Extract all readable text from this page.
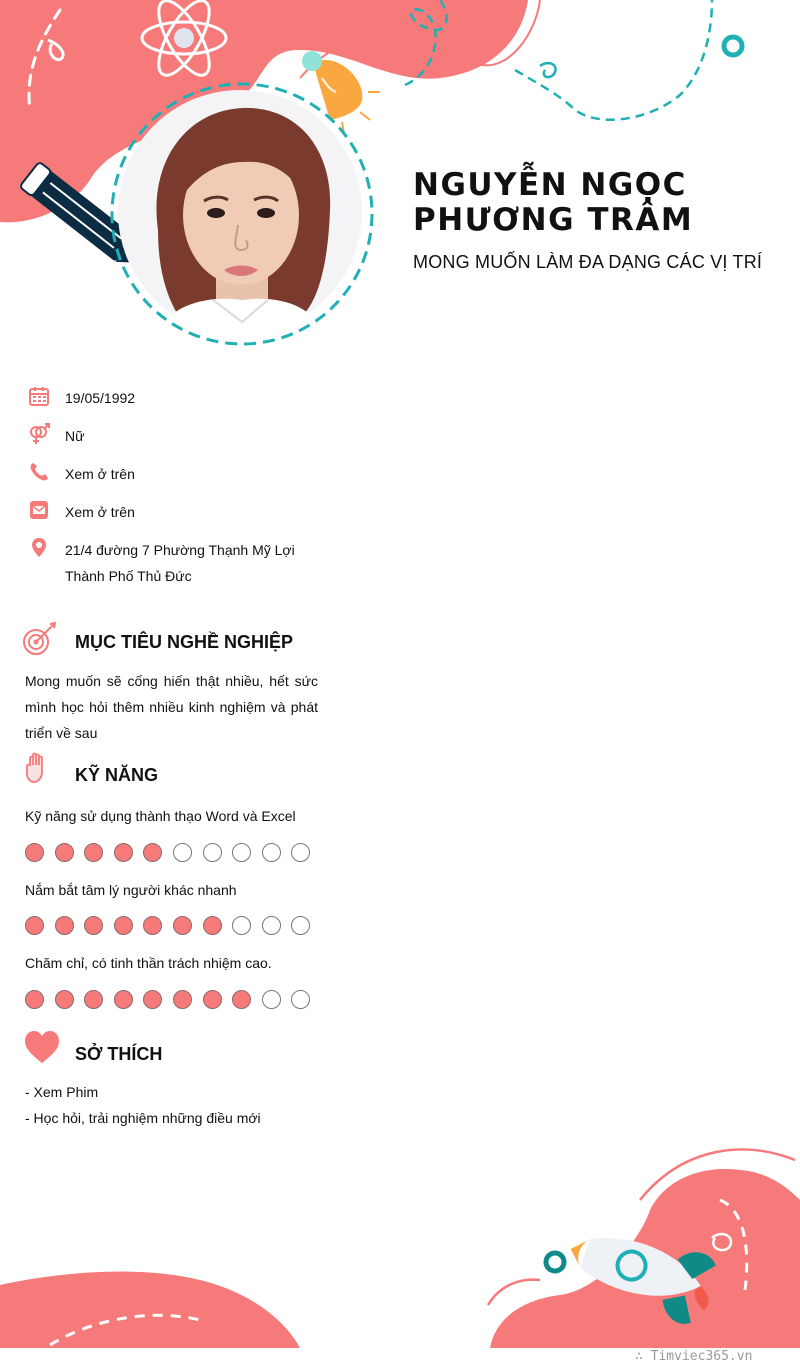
NGUYỄN NGỌC
PHƯƠNG TRÂM
MONG MUỐN LÀM ĐA DẠNG CÁC VỊ TRÍ
19/05/1992
Nữ
Xem ở trên
Xem ở trên
21/4 đường 7 Phường Thạnh Mỹ Lợi
Thành Phố Thủ Đức
MỤC TIÊU NGHỀ NGHIỆP
Mong muốn sẽ cống hiến thật nhiều, hết sức mình học hỏi thêm nhiều kinh nghiệm và phát triển về sau
KỸ NĂNG
Kỹ năng sử dụng thành thạo Word và Excel
Nắm bắt tâm lý người khác nhanh
Chăm chỉ, có tinh thần trách nhiệm cao.
SỞ THÍCH
- Xem Phim
- Học hỏi, trải nghiệm những điều mới
∴ Timviec365.vn
